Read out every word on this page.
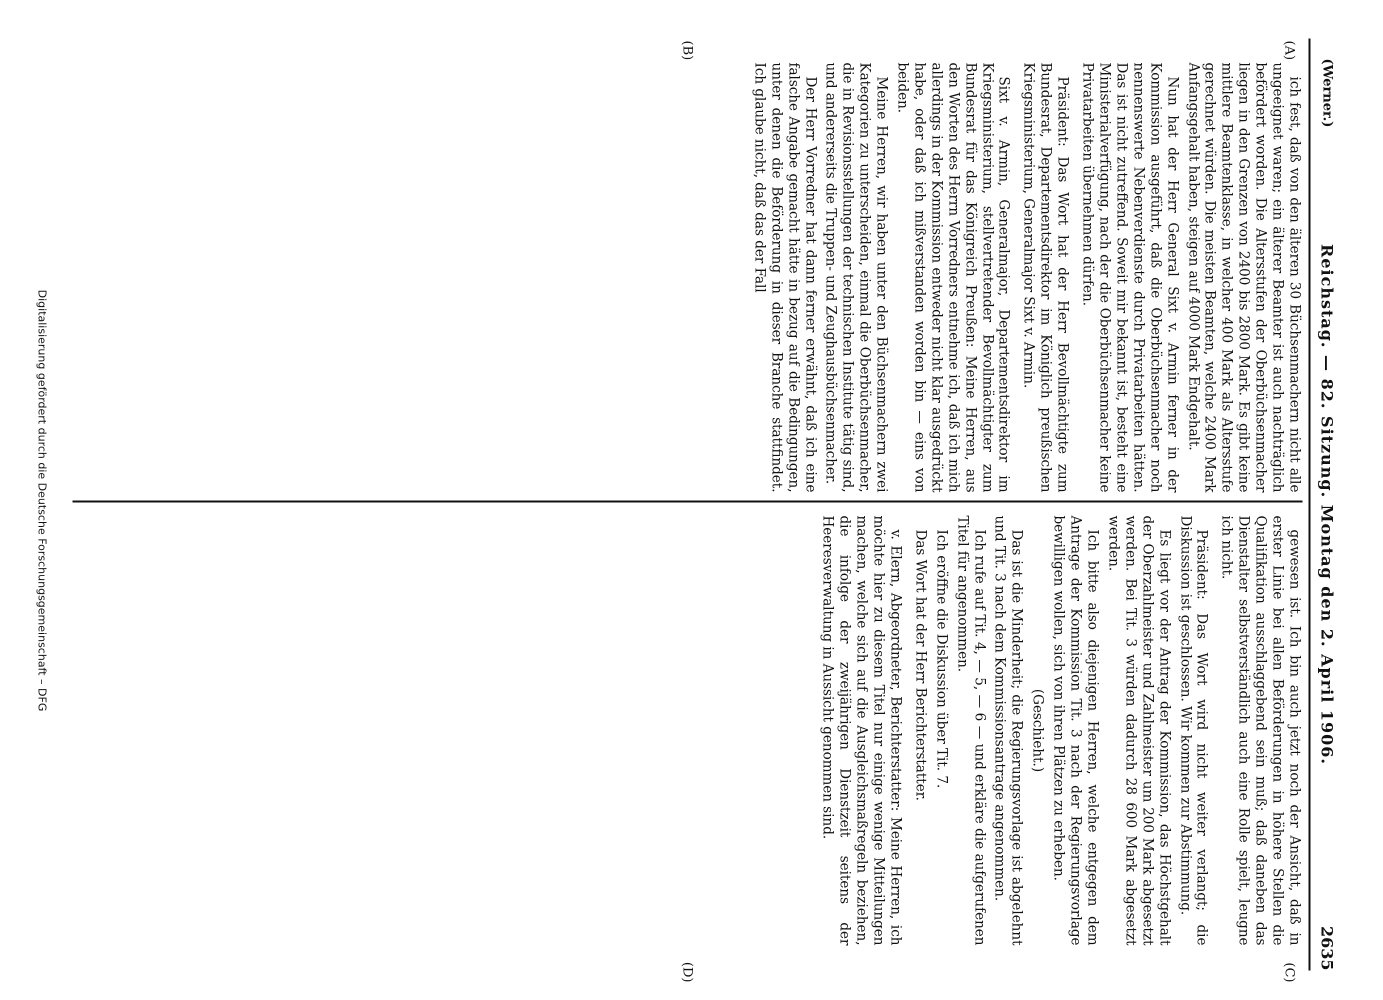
(Werner.)
Reichstag. — 82. Sitzung. Montag den 2. April 1906.
2635
(A)
(B)
(C)
(D)

ich fest, daß von den älteren 30 Büchsenmachern nicht alle ungeeignet waren; ein älterer Beamter ist auch nachträglich befördert worden. Die Altersstufen der Oberbüchsenmacher liegen in den Grenzen von 2400 bis 2800 Mark. Es gibt keine mittlere Beamtenklasse, in welcher 400 Mark als Altersstufe gerechnet würden. Die meisten Beamten, welche 2400 Mark Anfangsgehalt haben, steigen auf 4000 Mark Endgehalt.

Nun hat der Herr General Sixt v. Armin ferner in der Kommission ausgeführt, daß die Oberbüchsenmacher noch nennenswerte Nebenverdienste durch Privatarbeiten hätten. Das ist nicht zutreffend. Soweit mir bekannt ist, besteht eine Ministerialverfügung, nach der die Oberbüchsenmacher keine Privatarbeiten übernehmen dürfen.

Präsident: Das Wort hat der Herr Bevollmächtigte zum Bundesrat, Departementsdirektor im Königlich preußischen Kriegsministerium, Generalmajor Sixt v. Armin.

Sixt v. Armin, Generalmajor, Departementsdirektor im Kriegsministerium, stellvertretender Bevollmächtigter zum Bundesrat für das Königreich Preußen: Meine Herren, aus den Worten des Herrn Vorredners entnehme ich, daß ich mich allerdings in der Kommission entweder nicht klar ausgedrückt habe, oder daß ich mißverstanden worden bin — eins von beiden.

Meine Herren, wir haben unter den Büchsenmachern zwei Kategorien zu unterscheiden, einmal die Oberbüchsenmacher, die in Revisionsstellungen der technischen Institute tätig sind, und andererseits die Truppen- und Zeughausbüchsenmacher.

Der Herr Vorredner hat dann ferner erwähnt, daß ich eine falsche Angabe gemacht hätte in bezug auf die Bedingungen, unter denen die Beförderung in dieser Branche stattfindet. Ich glaube nicht, daß das der Fall

gewesen ist. Ich bin auch jetzt noch der Ansicht, daß in erster Linie bei allen Beförderungen in höhere Stellen die Qualifikation ausschlaggebend sein muß; daß daneben das Dienstalter selbstverständlich auch eine Rolle spielt, leugne ich nicht.

Präsident: Das Wort wird nicht weiter verlangt; die Diskussion ist geschlossen. Wir kommen zur Abstimmung.

Es liegt vor der Antrag der Kommission, das Höchstgehalt der Oberzahlmeister und Zahlmeister um 200 Mark abgesetzt werden. Bei Tit. 3 würden dadurch 28 600 Mark abgesetzt werden.

Ich bitte also diejenigen Herren, welche entgegen dem Antrage der Kommission Tit. 3 nach der Regierungsvorlage bewilligen wollen, sich von ihren Plätzen zu erheben.

(Geschieht.)

Das ist die Minderheit; die Regierungsvorlage ist abgelehnt und Tit. 3 nach dem Kommissionsantrage angenommen.

Ich rufe auf Tit. 4, — 5, — 6 — und erkläre die aufgerufenen Titel für angenommen.

Ich eröffne die Diskussion über Tit. 7.

Das Wort hat der Herr Berichterstatter.

v. Elern, Abgeordneter, Berichterstatter: Meine Herren, ich möchte hier zu diesem Titel nur einige wenige Mitteilungen machen, welche sich auf die Ausgleichsmaßregeln beziehen, die infolge der zweijährigen Dienstzeit seitens der Heeresverwaltung in Aussicht genommen sind.

Digitalisierung gefördert durch die Deutsche Forschungsgemeinschaft – DFG
